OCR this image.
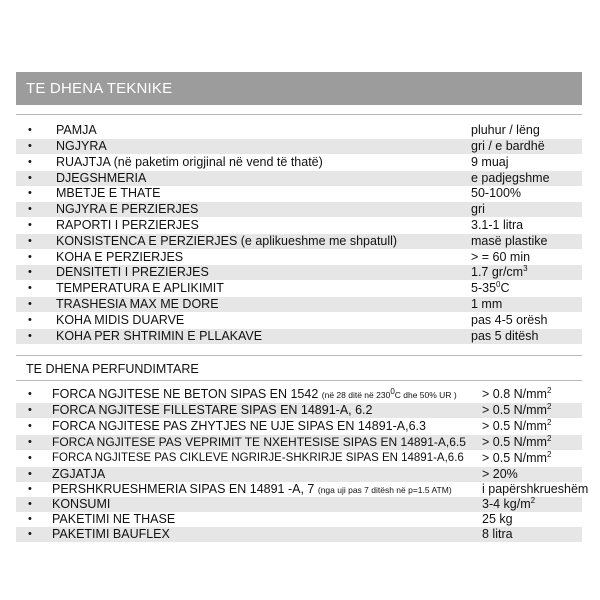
TE DHENA TEKNIKE
• PAMJA	pluhur / lëng
• NGJYRA	gri / e bardhë
• RUAJTJA (në paketim origjinal në vend të thatë)	9 muaj
• DJEGSHMERIA	e padjegshme
• MBETJE E THATE	50-100%
• NGJYRA E PERZIERJES	gri
• RAPORTI I PERZIERJES	3.1-1 litra
• KONSISTENCA E PERZIERJES (e aplikueshme me shpatull)	masë plastike
• KOHA E PERZIERJES	> = 60 min
• DENSITETI I PREZIERJES	1.7 $gr/cm^3$
• TEMPERATURA E APLIKIMIT	$5-35^0C$
• TRASHESIA MAX ME DORE	1 mm
• KOHA MIDIS DUARVE	pas 4-5 orësh
• KOHA PER SHTRIMIN E PLLAKAVE	pas 5 ditësh
TE DHENA PERFUNDIMTARE
• FORCA NGJITESE NE BETON SIPAS EN 1542 (në 28 ditë në $230^0C$ dhe 50% UR ) > 0.8 $N/mm^2$
• FORCA NGJITESE FILLESTARE SIPAS EN 14891-A, 6.2	> 0.5 $N/mm^2$
• FORCA NGJITESE PAS ZHYTJES NE UJE SIPAS EN 14891-A,6.3	> 0.5 $N/mm^2$
• FORCA NGJITESE PAS VEPRIMIT TE NXEHTESISE SIPAS EN 14891-A,6.5 > 0.5 $N/mm^2$
• FORCA NGJITESE PAS CIKLEVE NGRIRJE-SHKRIRJE SIPAS EN 14891-A,6.6 > 0.5 $N/mm^2$
• ZGJATJA	> 20%
• PERSHKRUESHMERIA SIPAS EN 14891 -A, 7 (nga uji pas 7 ditësh në p=1.5 ATM) i papërshkrueshëm
• KONSUMI	3-4 $kg/m^2$
• PAKETIMI NE THASE	25 kg
• PAKETIMI BAUFLEX	8 litra
